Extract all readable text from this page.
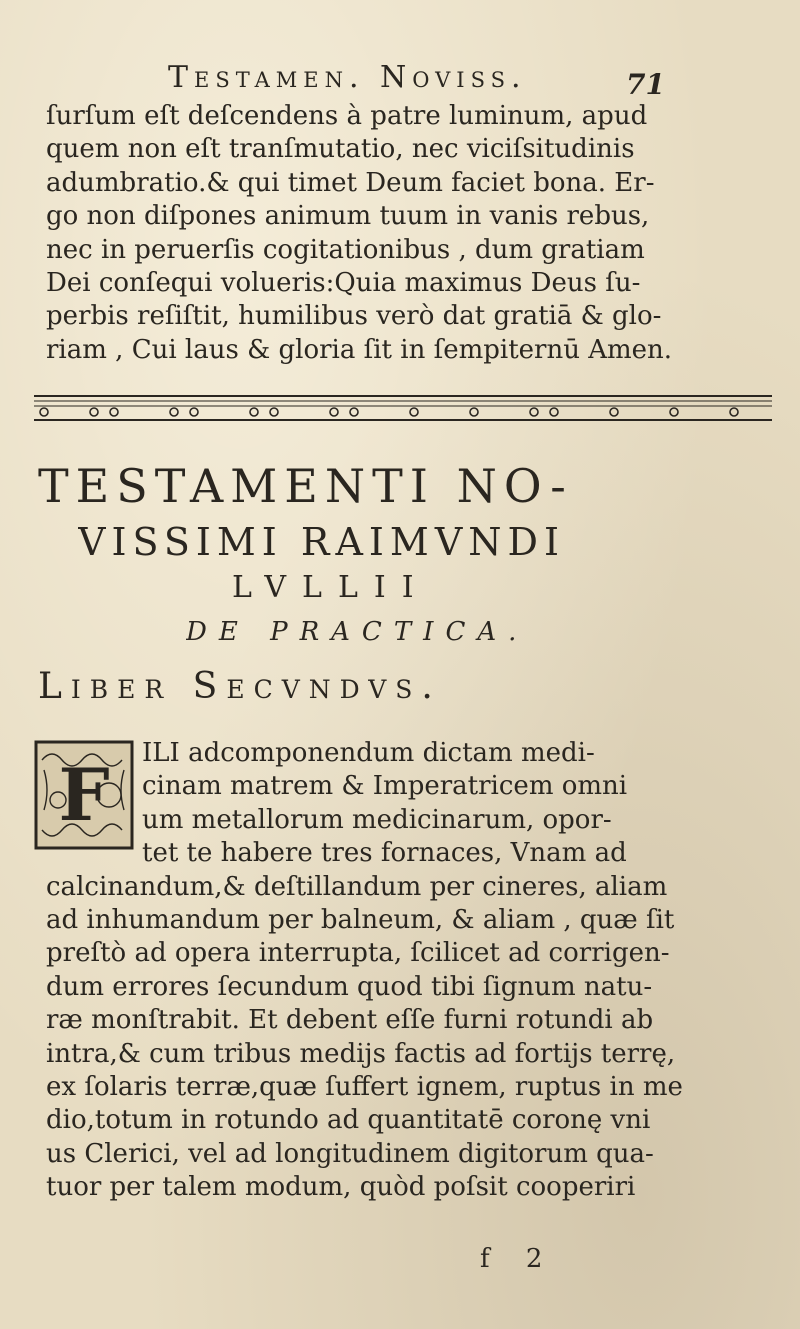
Testamen. Noviss.	71
ſurſum eſt deſcendens à patre luminum, apud
quem non eſt tranſmutatio, nec viciſsitudinis
adumbratio.& qui timet Deum faciet bona. Er-
go non diſpones animum tuum in vanis rebus,
nec in peruerſis cogitationibus , dum gratiam
Dei conſequi volueris:Quia maximus Deus ſu-
perbis reſiſtit, humilibus verò dat gratiā & glo-
riam , Cui laus & gloria ſit in ſempiternū Amen.
TESTAMENTI NO-
VISSIMI RAIMVNDI
LVLLII
DE PRACTICA.
Liber Secvndvs.
F	ILI adcomponendum dictam medi-
cinam matrem & Imperatricem omni
um metallorum medicinarum, opor-
tet te habere tres fornaces, Vnam ad
calcinandum,& deſtillandum per cineres, aliam
ad inhumandum per balneum, & aliam , quæ ſit
preſtò ad opera interrupta, ſcilicet ad corrigen-
dum errores ſecundum quod tibi ſignum natu-
ræ monſtrabit. Et debent eſſe furni rotundi ab
intra,& cum tribus medijs factis ad fortijs terrę,
ex ſolaris terræ,quæ ſuffert ignem, ruptus in me
dio,totum in rotundo ad quantitatē coronę vni
us Clerici, vel ad longitudinem digitorum qua-
tuor per talem modum, quòd poſsit cooperiri
f 2
